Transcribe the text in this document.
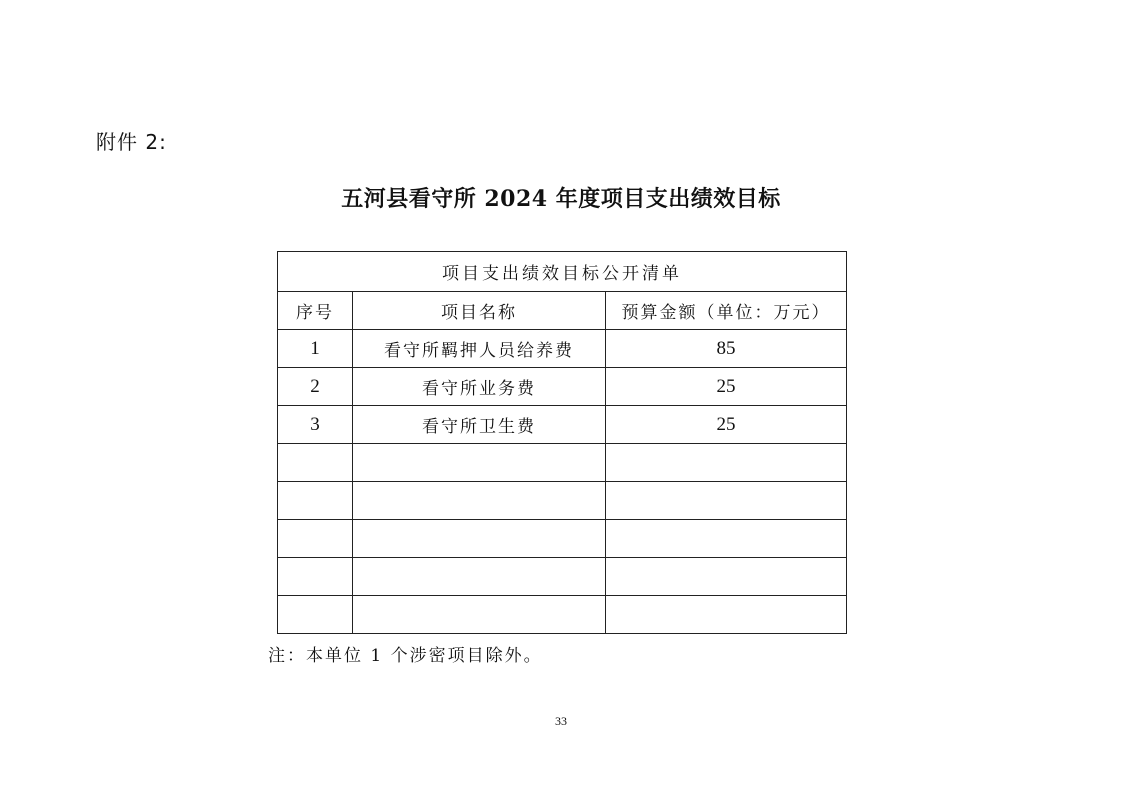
附件 2:
五河县看守所 2024 年度项目支出绩效目标
项目支出绩效目标公开清单		
序号	项目名称	预算金额（单位：万元）
1	看守所羁押人员给养费	85
2	看守所业务费	25
3	看守所卫生费	25

注：本单位 1 个涉密项目除外。
33
